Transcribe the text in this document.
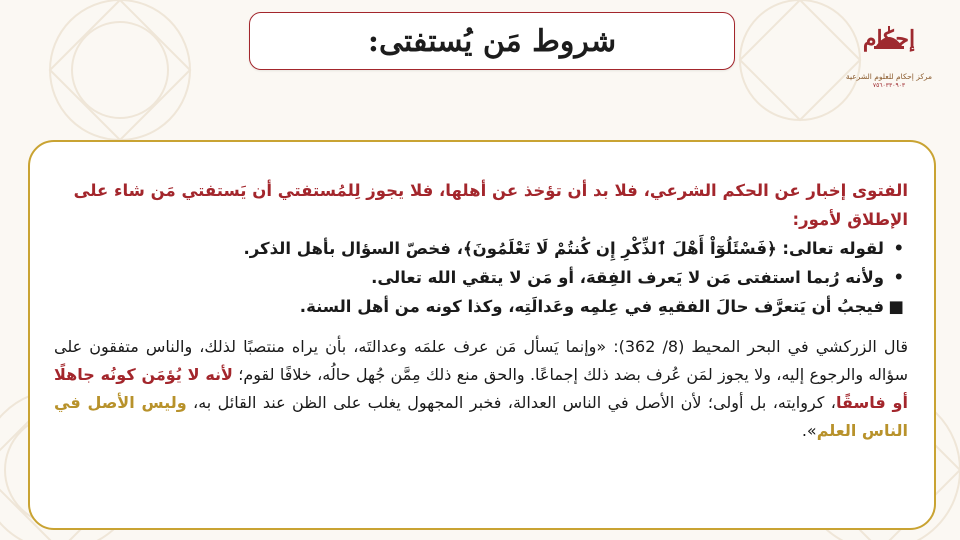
شروط مَن يُستفتى:	إحكام
مركز إحكام للعلوم الشرعية
٧٥٦٠٣٣٠٩٠٣

الفتوى إخبار عن الحكم الشرعي، فلا بد أن تؤخذ عن أهلها، فلا يجوز لِلمُستفتي أن يَستفتي مَن شاء على الإطلاق لأمور:

•
لقوله تعالى: ﴿فَسْئَلُوٓاْ أَهْلَ ٱلذِّكْرِ إِن كُنتُمْ لَا تَعْلَمُونَ﴾، فخصّ السؤال بأهل الذكر.
•
ولأنه رُبما استفتى مَن لا يَعرف الفِقهَ، أو مَن لا يتقي الله تعالى.
■
فيجبُ أن يَتعرَّف حالَ الفقيهِ في عِلمِه وعَدالَتِه، وكذا كونه من أهل السنة.

قال الزركشي في البحر المحيط (8/ 362): «وإنما يَسأل مَن عرف علمَه وعدالتَه، بأن يراه منتصبًا لذلك، والناس متفقون على سؤاله والرجوع إليه، ولا يجوز لمَن عُرف بضد ذلك إجماعًا. والحق منع ذلك مِمَّن جُهل حالُه، خلافًا لقوم؛ لأنه لا يُؤمَن كونُه جاهلًا أو فاسقًا، كروايته، بل أولى؛ لأن الأصل في الناس العدالة، فخبر المجهول يغلب على الظن عند القائل به، وليس الأصل في الناس العلم».
